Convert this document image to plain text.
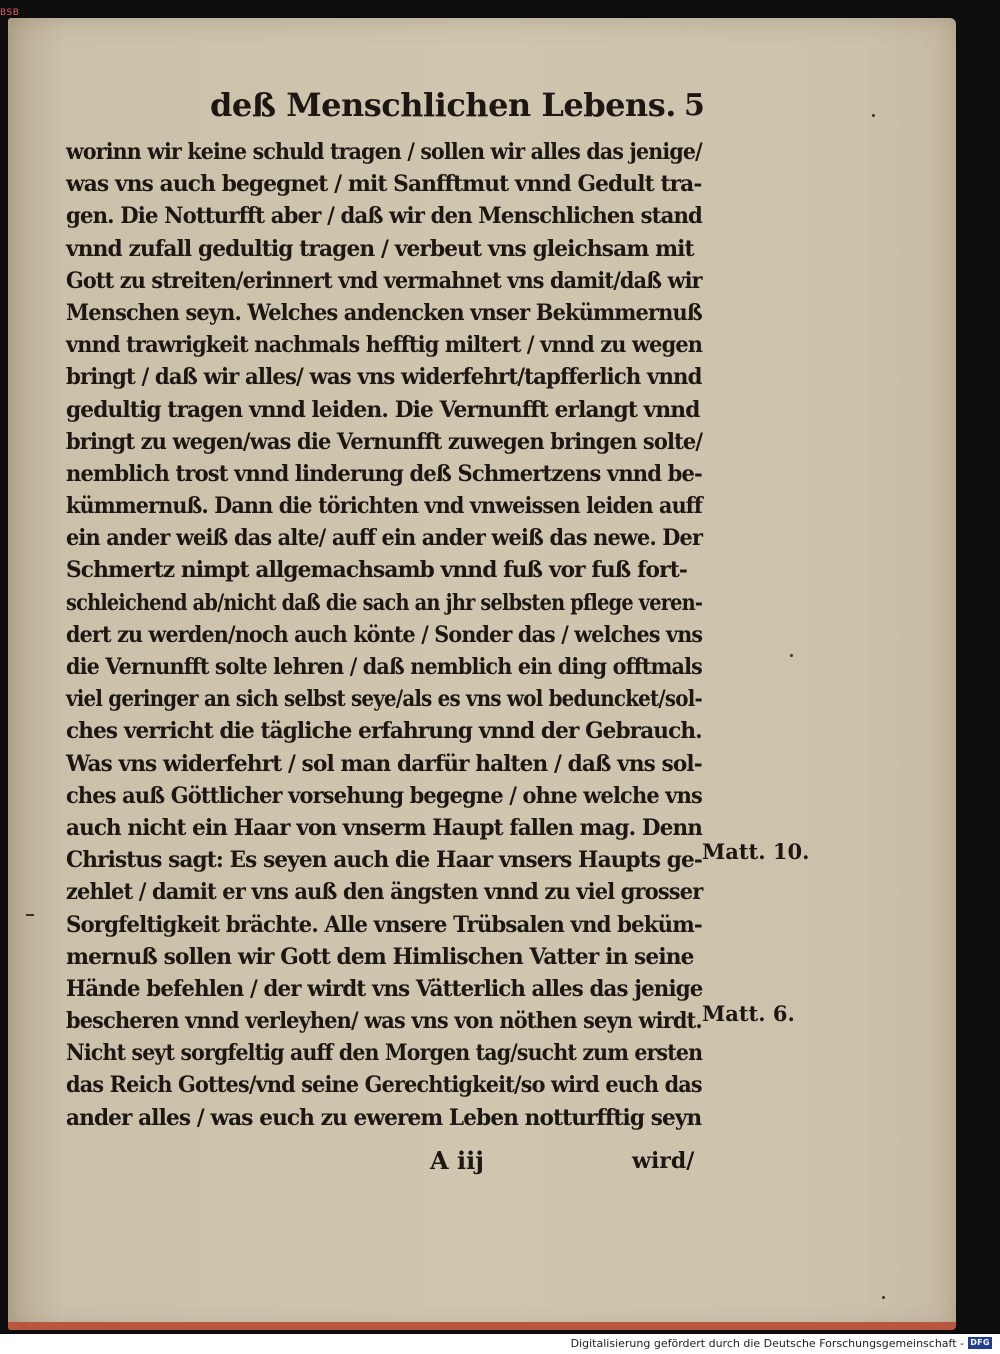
BSB
deß Menschlichen Lebens. 5
worinn wir keine schuld tragen / sollen wir alles das jenige/
was vns auch begegnet / mit Sanfftmut vnnd Gedult tra-
gen. Die Notturfft aber / daß wir den Menschlichen stand
vnnd zufall gedultig tragen / verbeut vns gleichsam mit
Gott zu streiten/erinnert vnd vermahnet vns damit/daß wir
Menschen seyn. Welches andencken vnser Bekümmernuß
vnnd trawrigkeit nachmals hefftig miltert / vnnd zu wegen
bringt / daß wir alles/ was vns widerfehrt/tapfferlich vnnd
gedultig tragen vnnd leiden. Die Vernunfft erlangt vnnd
bringt zu wegen/was die Vernunfft zuwegen bringen solte/
nemblich trost vnnd linderung deß Schmertzens vnnd be-
kümmernuß. Dann die törichten vnd vnweissen leiden auff
ein ander weiß das alte/ auff ein ander weiß das newe. Der
Schmertz nimpt allgemachsamb vnnd fuß vor fuß fort-
schleichend ab/nicht daß die sach an jhr selbsten pflege veren-
dert zu werden/noch auch könte / Sonder das / welches vns
die Vernunfft solte lehren / daß nemblich ein ding offtmals
viel geringer an sich selbst seye/als es vns wol beduncket/sol-
ches verricht die tägliche erfahrung vnnd der Gebrauch.
Was vns widerfehrt / sol man darfür halten / daß vns sol-
ches auß Göttlicher vorsehung begegne / ohne welche vns
auch nicht ein Haar von vnserm Haupt fallen mag. Denn
Christus sagt: Es seyen auch die Haar vnsers Haupts ge-
zehlet / damit er vns auß den ängsten vnnd zu viel grosser
Sorgfeltigkeit brächte. Alle vnsere Trübsalen vnd beküm-
mernuß sollen wir Gott dem Himlischen Vatter in seine
Hände befehlen / der wirdt vns Vätterlich alles das jenige
bescheren vnnd verleyhen/ was vns von nöthen seyn wirdt.
Nicht seyt sorgfeltig auff den Morgen tag/sucht zum ersten
das Reich Gottes/vnd seine Gerechtigkeit/so wird euch das
ander alles / was euch zu ewerem Leben notturfftig seyn
Matt. 10.
Matt. 6.
A iij	wird/
Digitalisierung gefördert durch die Deutsche Forschungsgemeinschaft - DFG
